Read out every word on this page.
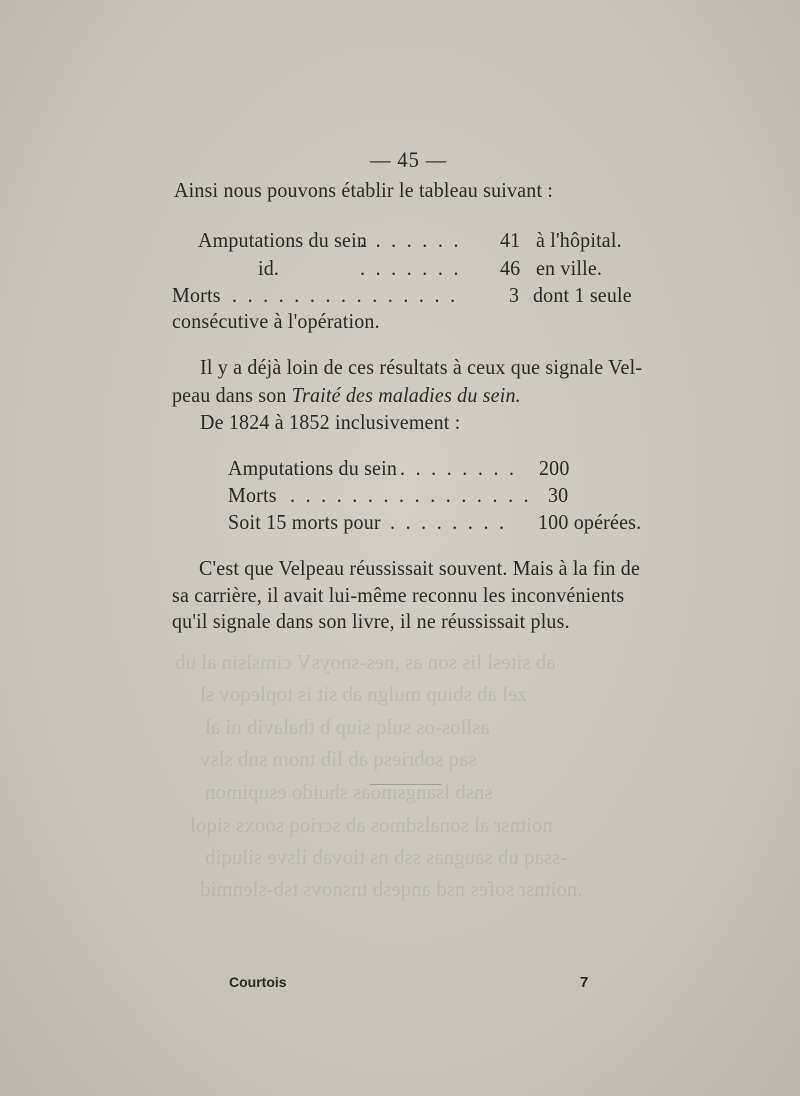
ab sitesl lis son as ,nes-snoysV cimslsin al ub
zel ab sbiup mulgn ab sit is topleqov sl
asllos-os sulq siup b thalavib ni al
saq sobriesq ab lib tnom snb slsv
snsb lsangsmoas shuido esupimon
noitnsr al sonalsdmos ab scrioq sooxs siqol
-ssaq ub saugnas ssb ns tiovab ilsve siluqib
.noitnsr sofes nsd anqesb tnsnovs tsb-slenmid
— 45 —
Ainsi nous pouvons établir le tableau suivant :
Amputations du sein
. . . . . . . 41 à l'hôpital.
id.	. . . . . . . 46 en ville.
Morts . . . . . . . . . . . . . . . 3 dont 1 seule
consécutive à l'opération.
Il y a déjà loin de ces résultats à ceux que signale Vel-
peau dans son Traité des maladies du sein.
De 1824 à 1852 inclusivement :
Amputations du sein . . . . . . . . 200
Morts . . . . . . . . . . . . . . . . 30
Soit 15 morts pour . . . . . . . . 100 opérées.
C'est que Velpeau réussissait souvent. Mais à la fin de
sa carrière, il avait lui-même reconnu les inconvénients
qu'il signale dans son livre, il ne réussissait plus.
Courtois	7
